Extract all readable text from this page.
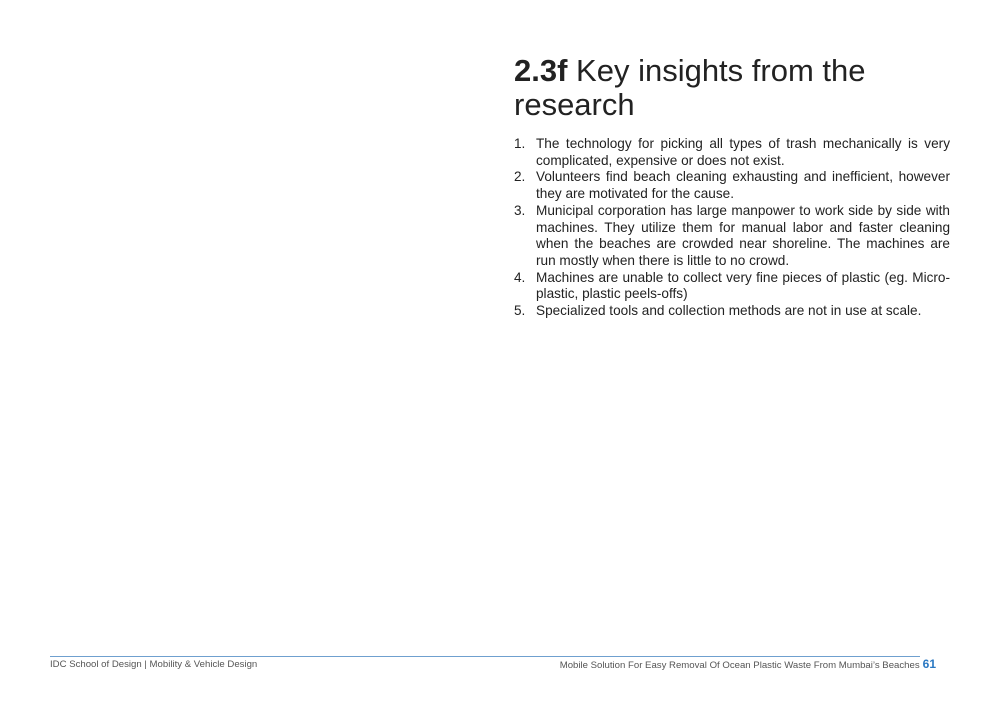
2.3f Key insights from the research
1. The technology for picking all types of trash mechanically is very complicated, expensive or does not exist.
2. Volunteers find beach cleaning exhausting and inefficient, however they are motivated for the cause.
3. Municipal corporation has large manpower to work side by side with machines. They utilize them for manual labor and faster cleaning when the beaches are crowded near shoreline. The machines are run mostly when there is little to no crowd.
4. Machines are unable to collect very fine pieces of plastic (eg. Micro-plastic, plastic peels-offs)
5. Specialized tools and collection methods are not in use at scale.
IDC School of Design | Mobility & Vehicle Design	Mobile Solution For Easy Removal Of Ocean Plastic Waste From Mumbai’s Beaches 61
